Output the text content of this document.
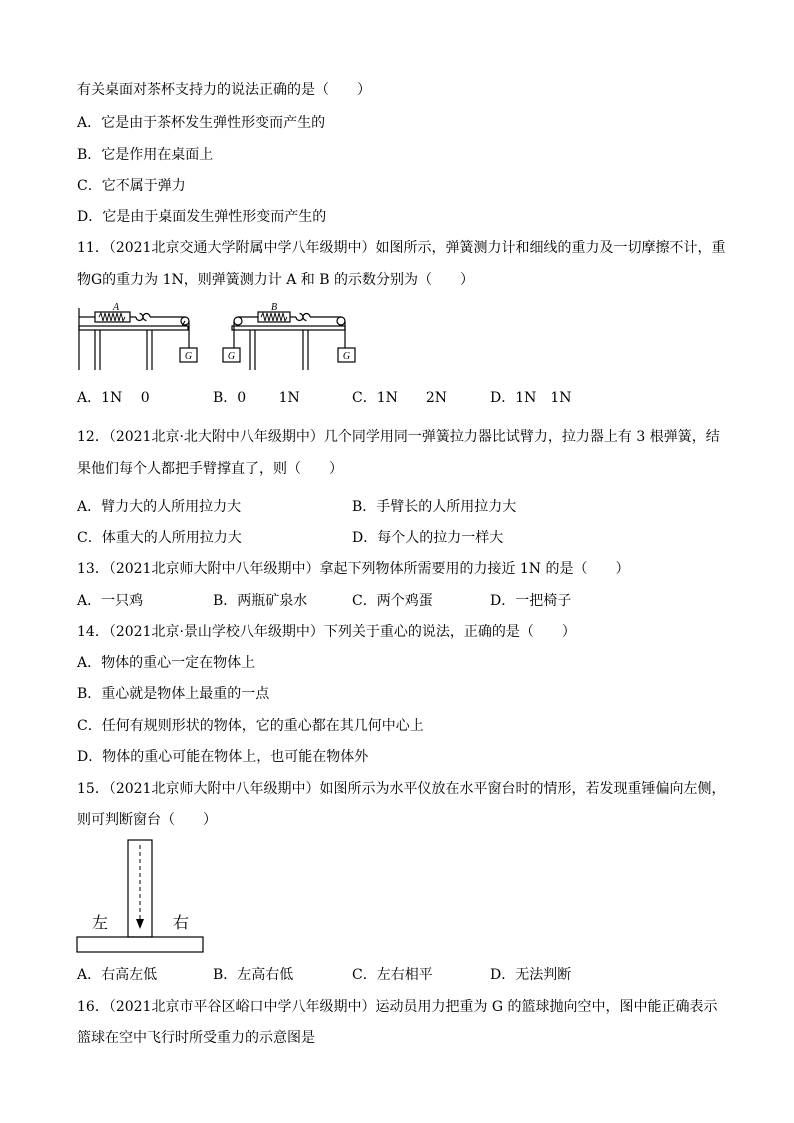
有关桌面对茶杯支持力的说法正确的是（　　）
A．它是由于茶杯发生弹性形变而产生的
B．它是作用在桌面上
C．它不属于弹力
D．它是由于桌面发生弹性形变而产生的
11．（2021北京交通大学附属中学八年级期中）如图所示，弹簧测力计和细线的重力及一切摩擦不计，重
物G的重力为 1N，则弹簧测力计 A 和 B 的示数分别为（　　）
A	B
G	G	G
A．1N　 0	B．0　　 1N	C．1N　　2N	D．1N　1N
12．（2021北京·北大附中八年级期中）几个同学用同一弹簧拉力器比试臂力，拉力器上有 3 根弹簧，结
果他们每个人都把手臂撑直了，则（　　）
A．臂力大的人所用拉力大	B．手臂长的人所用拉力大
C．体重大的人所用拉力大	D．每个人的拉力一样大
13．（2021北京师大附中八年级期中）拿起下列物体所需要用的力接近 1N 的是（　　）
A．一只鸡	B．两瓶矿泉水	C．两个鸡蛋	D．一把椅子
14．（2021北京·景山学校八年级期中）下列关于重心的说法，正确的是（　　）
A．物体的重心一定在物体上
B．重心就是物体上最重的一点
C．任何有规则形状的物体，它的重心都在其几何中心上
D．物体的重心可能在物体上，也可能在物体外
15．（2021北京师大附中八年级期中）如图所示为水平仪放在水平窗台时的情形，若发现重锤偏向左侧，
则可判断窗台（　　）
左	右
A．右高左低	B．左高右低	C．左右相平	D．无法判断
16．（2021北京市平谷区峪口中学八年级期中）运动员用力把重为 G 的篮球抛向空中，图中能正确表示
篮球在空中飞行时所受重力的示意图是
